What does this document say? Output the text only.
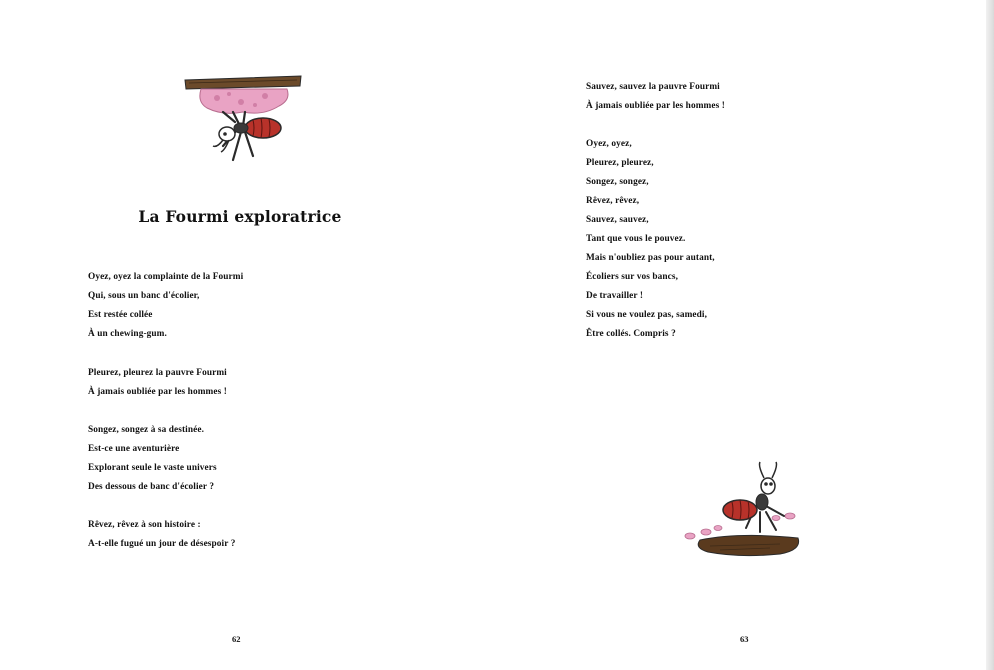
La Fourmi exploratrice
Oyez, oyez la complainte de la Fourmi
Qui, sous un banc d'écolier,
Est restée collée
À un chewing-gum.
Pleurez, pleurez la pauvre Fourmi
À jamais oubliée par les hommes !
Songez, songez à sa destinée.
Est-ce une aventurière
Explorant seule le vaste univers
Des dessous de banc d'écolier ?
Rêvez, rêvez à son histoire :
A-t-elle fugué un jour de désespoir ?
62
Sauvez, sauvez la pauvre Fourmi
À jamais oubliée par les hommes !
Oyez, oyez,
Pleurez, pleurez,
Songez, songez,
Rêvez, rêvez,
Sauvez, sauvez,
Tant que vous le pouvez.
Mais n'oubliez pas pour autant,
Écoliers sur vos bancs,
De travailler !
Si vous ne voulez pas, samedi,
Être collés. Compris ?
63
